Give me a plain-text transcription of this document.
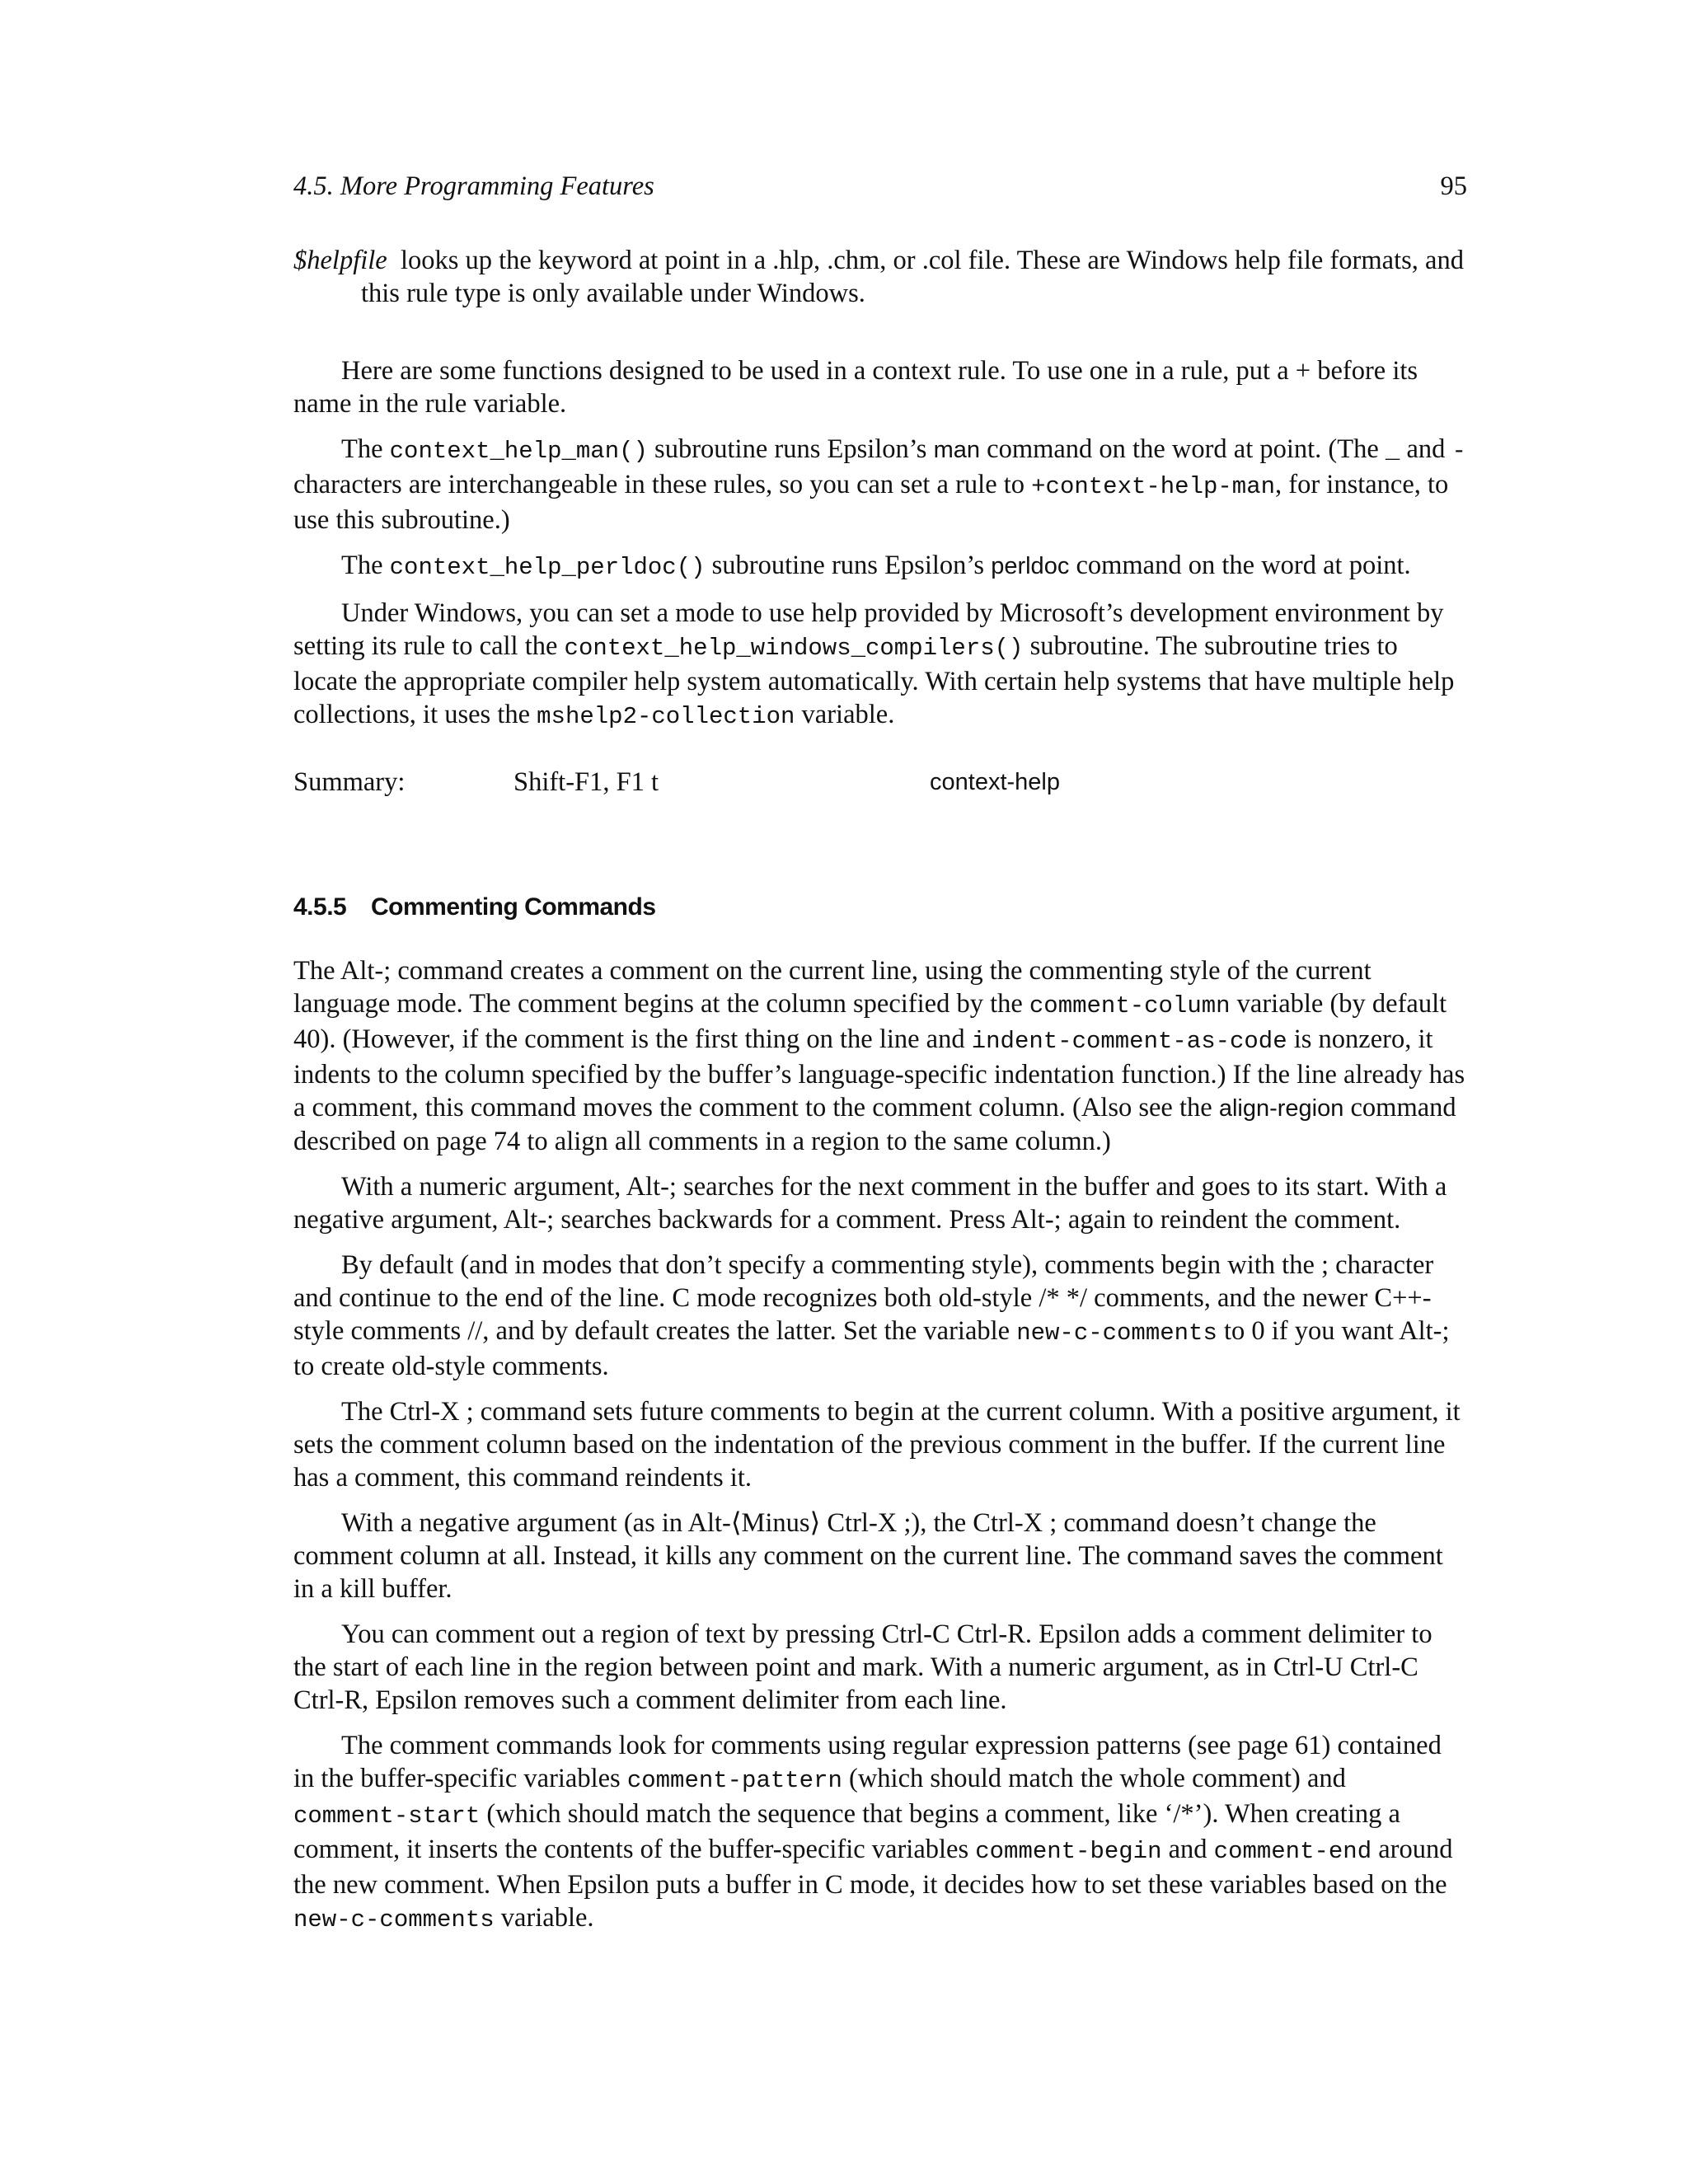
4.5. More Programming Features	95

$helpfile looks up the keyword at point in a .hlp, .chm, or .col file. These are Windows help file formats, and this rule type is only available under Windows.

Here are some functions designed to be used in a context rule. To use one in a rule, put a + before its name in the rule variable.

The context_help_man() subroutine runs Epsilon’s man command on the word at point. (The _ and - characters are interchangeable in these rules, so you can set a rule to +context-help-man, for instance, to use this subroutine.)

The context_help_perldoc() subroutine runs Epsilon’s perldoc command on the word at point.

Under Windows, you can set a mode to use help provided by Microsoft’s development environment by setting its rule to call the context_help_windows_compilers() subroutine. The subroutine tries to locate the appropriate compiler help system automatically. With certain help systems that have multiple help collections, it uses the mshelp2-collection variable.

Summary:	Shift-F1, F1 t	context-help
4.5.5 Commenting Commands

The Alt-; command creates a comment on the current line, using the commenting style of the current language mode. The comment begins at the column specified by the comment-column variable (by default 40). (However, if the comment is the first thing on the line and indent-comment-as-code is nonzero, it indents to the column specified by the buffer’s language-specific indentation function.) If the line already has a comment, this command moves the comment to the comment column. (Also see the align-region command described on page 74 to align all comments in a region to the same column.)

With a numeric argument, Alt-; searches for the next comment in the buffer and goes to its start. With a negative argument, Alt-; searches backwards for a comment. Press Alt-; again to reindent the comment.

By default (and in modes that don’t specify a commenting style), comments begin with the ; character and continue to the end of the line. C mode recognizes both old-style /* */ comments, and the newer C++-style comments //, and by default creates the latter. Set the variable new-c-comments to 0 if you want Alt-; to create old-style comments.

The Ctrl-X ; command sets future comments to begin at the current column. With a positive argument, it sets the comment column based on the indentation of the previous comment in the buffer. If the current line has a comment, this command reindents it.

With a negative argument (as in Alt-⟨Minus⟩ Ctrl-X ;), the Ctrl-X ; command doesn’t change the comment column at all. Instead, it kills any comment on the current line. The command saves the comment in a kill buffer.

You can comment out a region of text by pressing Ctrl-C Ctrl-R. Epsilon adds a comment delimiter to the start of each line in the region between point and mark. With a numeric argument, as in Ctrl-U Ctrl-C Ctrl-R, Epsilon removes such a comment delimiter from each line.

The comment commands look for comments using regular expression patterns (see page 61) contained in the buffer-specific variables comment-pattern (which should match the whole comment) and comment-start (which should match the sequence that begins a comment, like ‘/*’). When creating a comment, it inserts the contents of the buffer-specific variables comment-begin and comment-end around the new comment. When Epsilon puts a buffer in C mode, it decides how to set these variables based on the new-c-comments variable.
